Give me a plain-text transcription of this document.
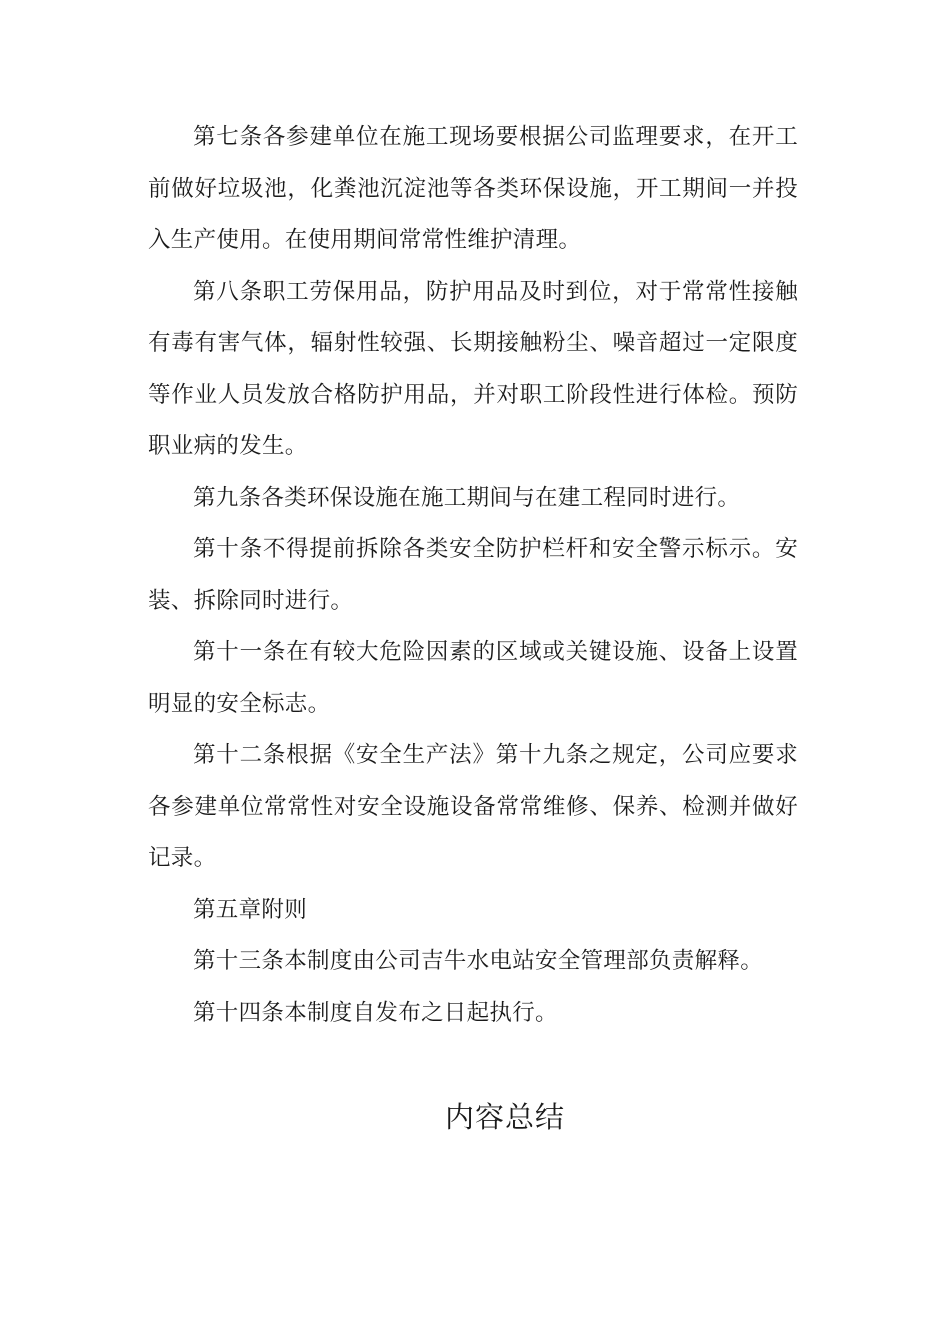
第七条各参建单位在施工现场要根据公司监理要求，在开工前做好垃圾池，化粪池沉淀池等各类环保设施，开工期间一并投入生产使用。在使用期间常常性维护清理。

第八条职工劳保用品，防护用品及时到位，对于常常性接触有毒有害气体，辐射性较强、长期接触粉尘、噪音超过一定限度等作业人员发放合格防护用品，并对职工阶段性进行体检。预防职业病的发生。

第九条各类环保设施在施工期间与在建工程同时进行。

第十条不得提前拆除各类安全防护栏杆和安全警示标示。安装、拆除同时进行。

第十一条在有较大危险因素的区域或关键设施、设备上设置明显的安全标志。

第十二条根据《安全生产法》第十九条之规定，公司应要求各参建单位常常性对安全设施设备常常维修、保养、检测并做好记录。

第五章附则

第十三条本制度由公司吉牛水电站安全管理部负责解释。

第十四条本制度自发布之日起执行。

内容总结
